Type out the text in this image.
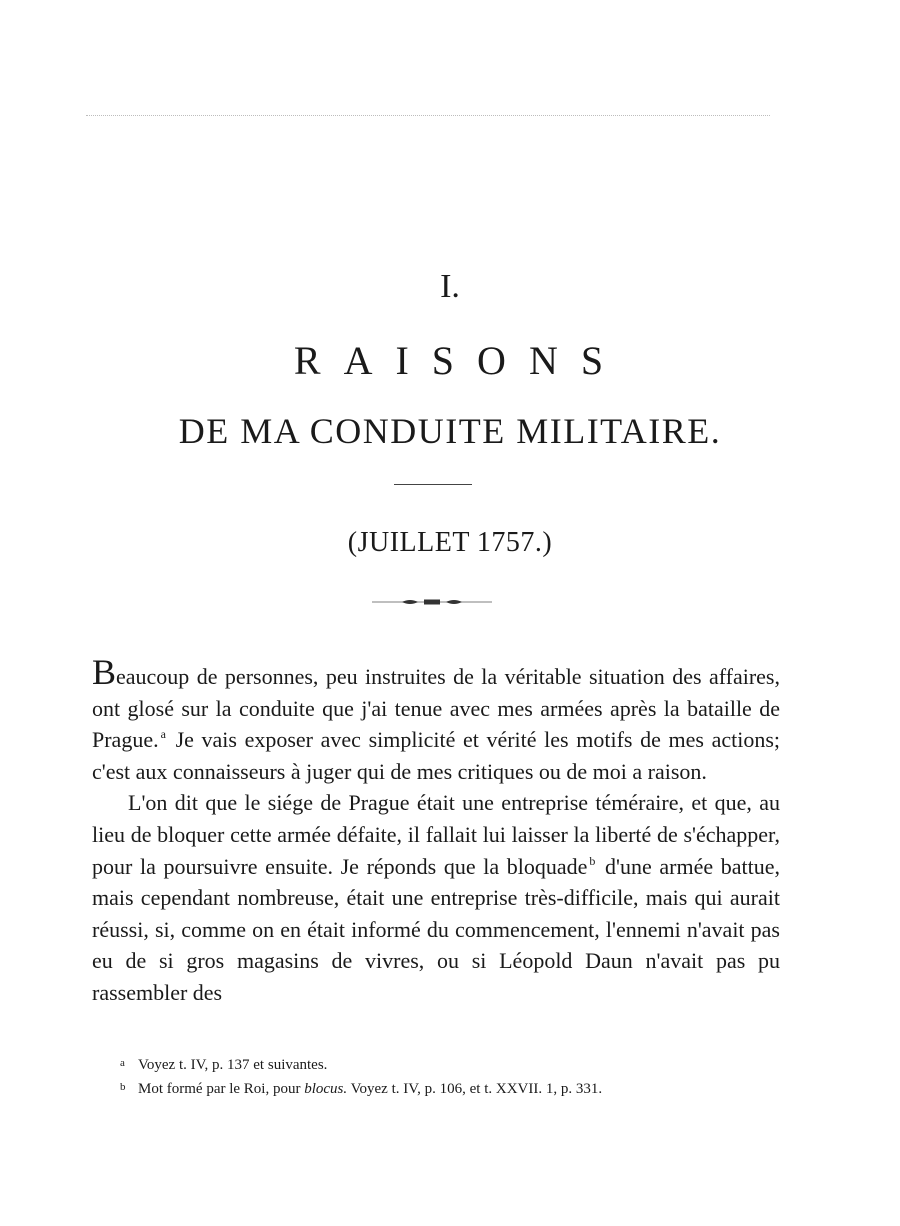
I.
RAISONS
DE MA CONDUITE MILITAIRE.
(JUILLET 1757.)

Beaucoup de personnes, peu instruites de la véritable situation des affaires, ont glosé sur la conduite que j'ai tenue avec mes armées après la bataille de Prague. $^a$ Je vais exposer avec simplicité et vérité les motifs de mes actions; c'est aux connaisseurs à juger qui de mes critiques ou de moi a raison.

L'on dit que le siége de Prague était une entreprise téméraire, et que, au lieu de bloquer cette armée défaite, il fallait lui laisser la liberté de s'échapper, pour la poursuivre ensuite. Je réponds que la bloquade $^b$ d'une armée battue, mais cependant nombreuse, était une entreprise très-difficile, mais qui aurait réussi, si, comme on en était informé du commencement, l'ennemi n'avait pas eu de si gros magasins de vivres, ou si Léopold Daun n'avait pas pu rassembler des

a Voyez t. IV, p. 137 et suivantes.
b Mot formé par le Roi, pour blocus. Voyez t. IV, p. 106, et t. XXVII. 1, p. 331.
